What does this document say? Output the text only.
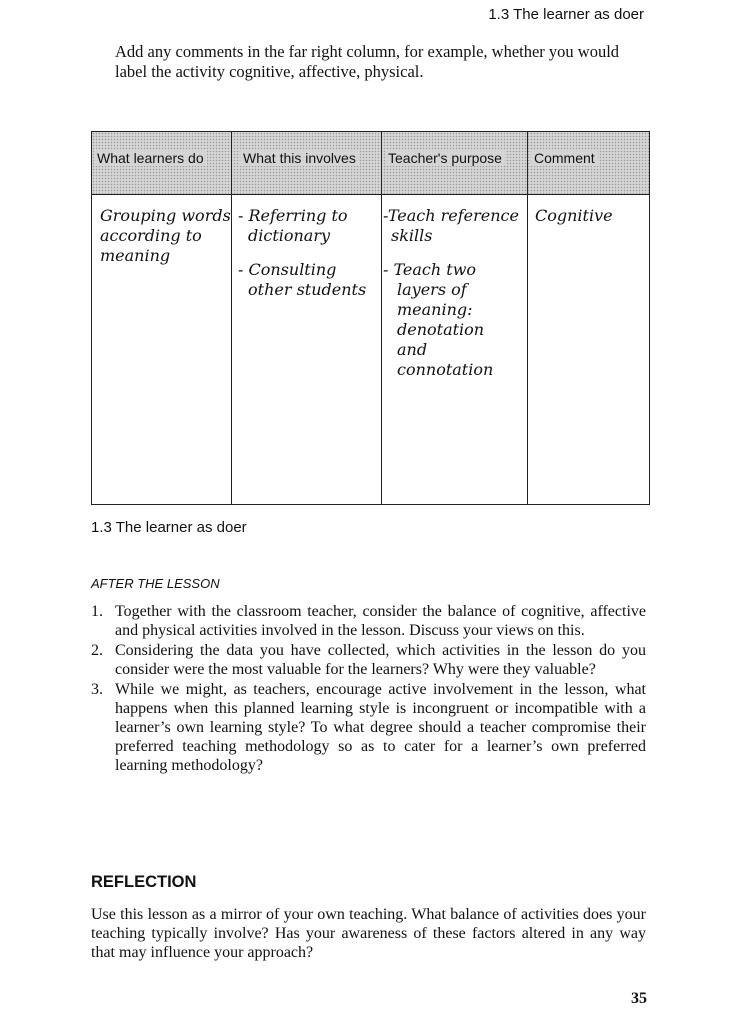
1.3 The learner as doer

Add any comments in the far right column, for example, whether you would label the activity cognitive, affective, physical.

What learners do	What this involves Teacher's purpose Comment
Grouping words
according to
meaning
- Referring to
dictionary
- Consulting
other students
-Teach reference
skills
- Teach two
layers of
meaning:
denotation
and
connotation
Cognitive
1.3 The learner as doer
AFTER THE LESSON
1. Together with the classroom teacher, consider the balance of cognitive, affective and physical activities involved in the lesson. Discuss your views on this.
2. Considering the data you have collected, which activities in the lesson do you consider were the most valuable for the learners? Why were they valuable?
3. While we might, as teachers, encourage active involvement in the lesson, what happens when this planned learning style is incongruent or incompatible with a learner’s own learning style? To what degree should a teacher compromise their preferred teaching methodology so as to cater for a learner’s own preferred learning methodology?
REFLECTION

Use this lesson as a mirror of your own teaching. What balance of activities does your teaching typically involve? Has your awareness of these factors altered in any way that may influence your approach?

35
